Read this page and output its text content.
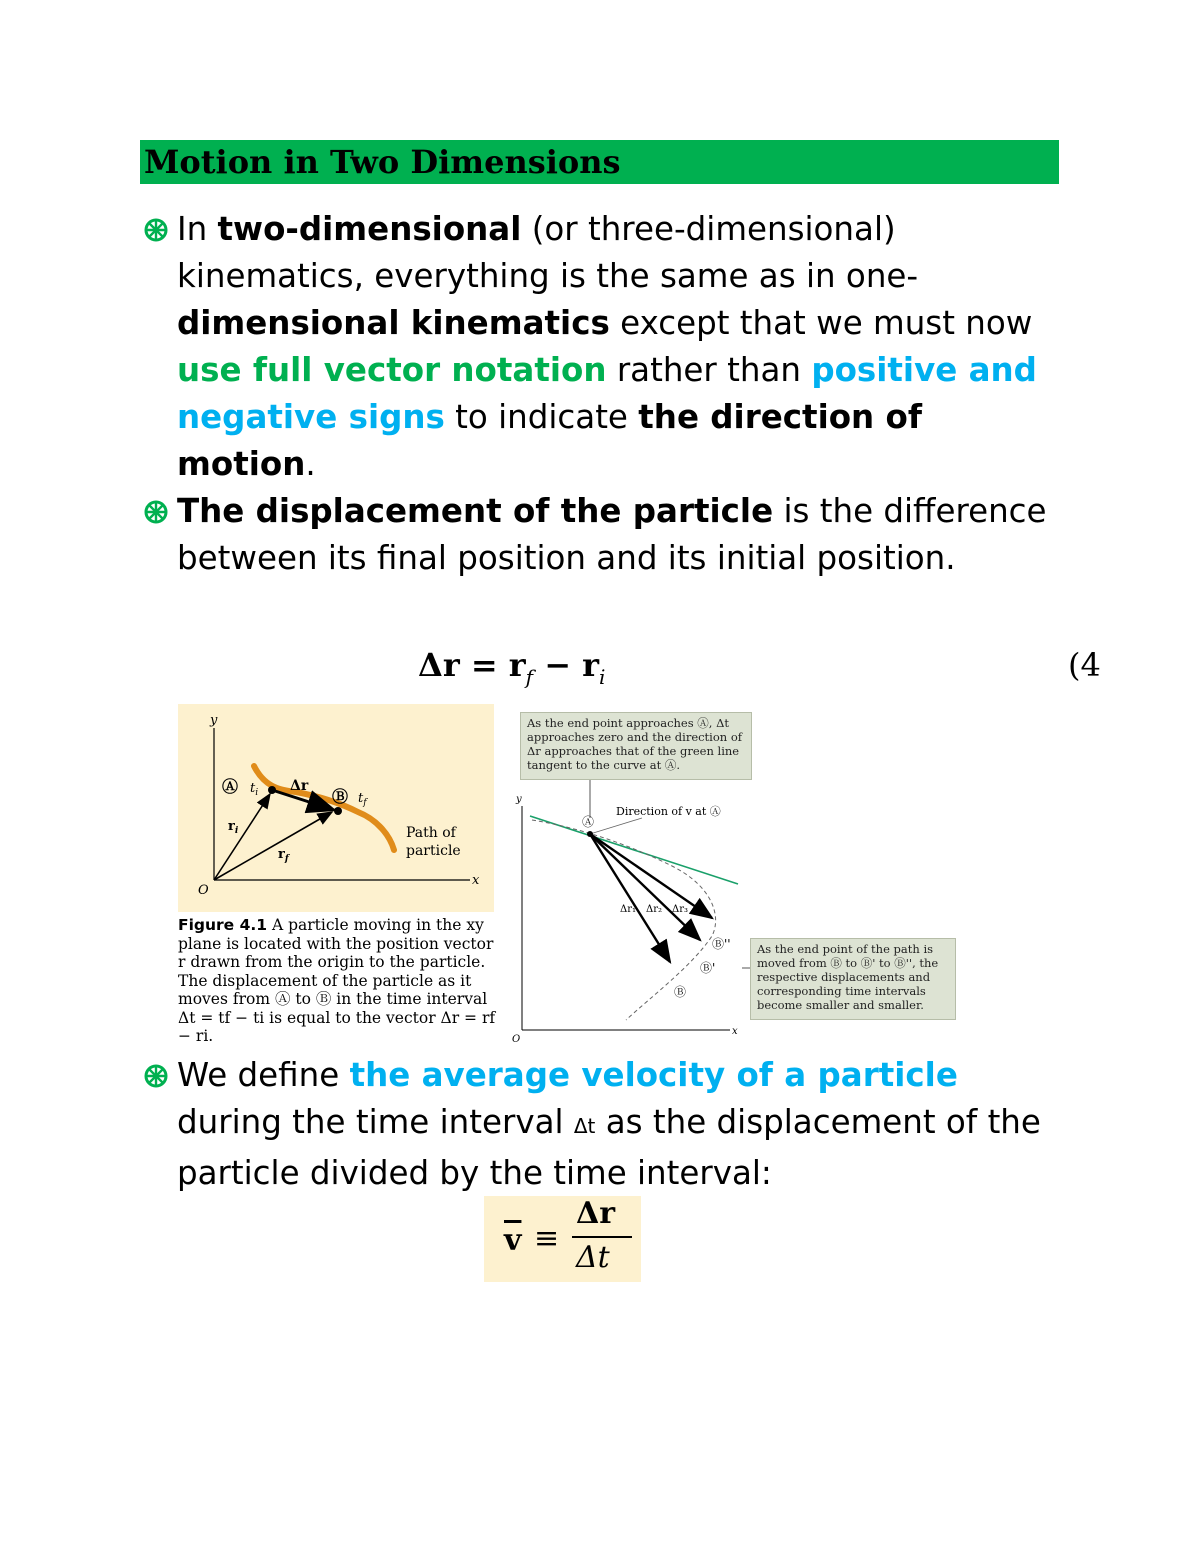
Motion in Two Dimensions

In two-dimensional (or three-dimensional) kinematics, everything is the same as in one-dimensional kinematics except that we must now use full vector notation rather than positive and negative signs to indicate the direction of motion.

The displacement of the particle is the difference between its final position and its initial position.

$\Delta r = r_f - r_i$	(4
y
x
O
Ⓐ $t_i$ Δr
Ⓑ $t_f$
$r_i$
$r_f$
Path of
particle
Figure 4.1 A particle moving in the xy plane is located with the position vector r drawn from the origin to the particle. The displacement of the particle as it moves from Ⓐ to Ⓑ in the time interval Δt = tf − ti is equal to the vector Δr = rf − ri.
As the end point approaches Ⓐ, Δt approaches zero and the direction of Δr approaches that of the green line tangent to the curve at Ⓐ.
As the end point of the path is moved from Ⓑ to Ⓑ' to Ⓑ'', the respective displacements and corresponding time intervals become smaller and smaller.
y
x
O
Direction of v at Ⓐ
Ⓐ
Ⓑ
Ⓑ'
Ⓑ''
Δr₁ Δr₂ Δr₃

We define the average velocity of a particle during the time interval Δt as the displacement of the particle divided by the time interval:

$\overline{v}$ ≡
Δr
Δt
